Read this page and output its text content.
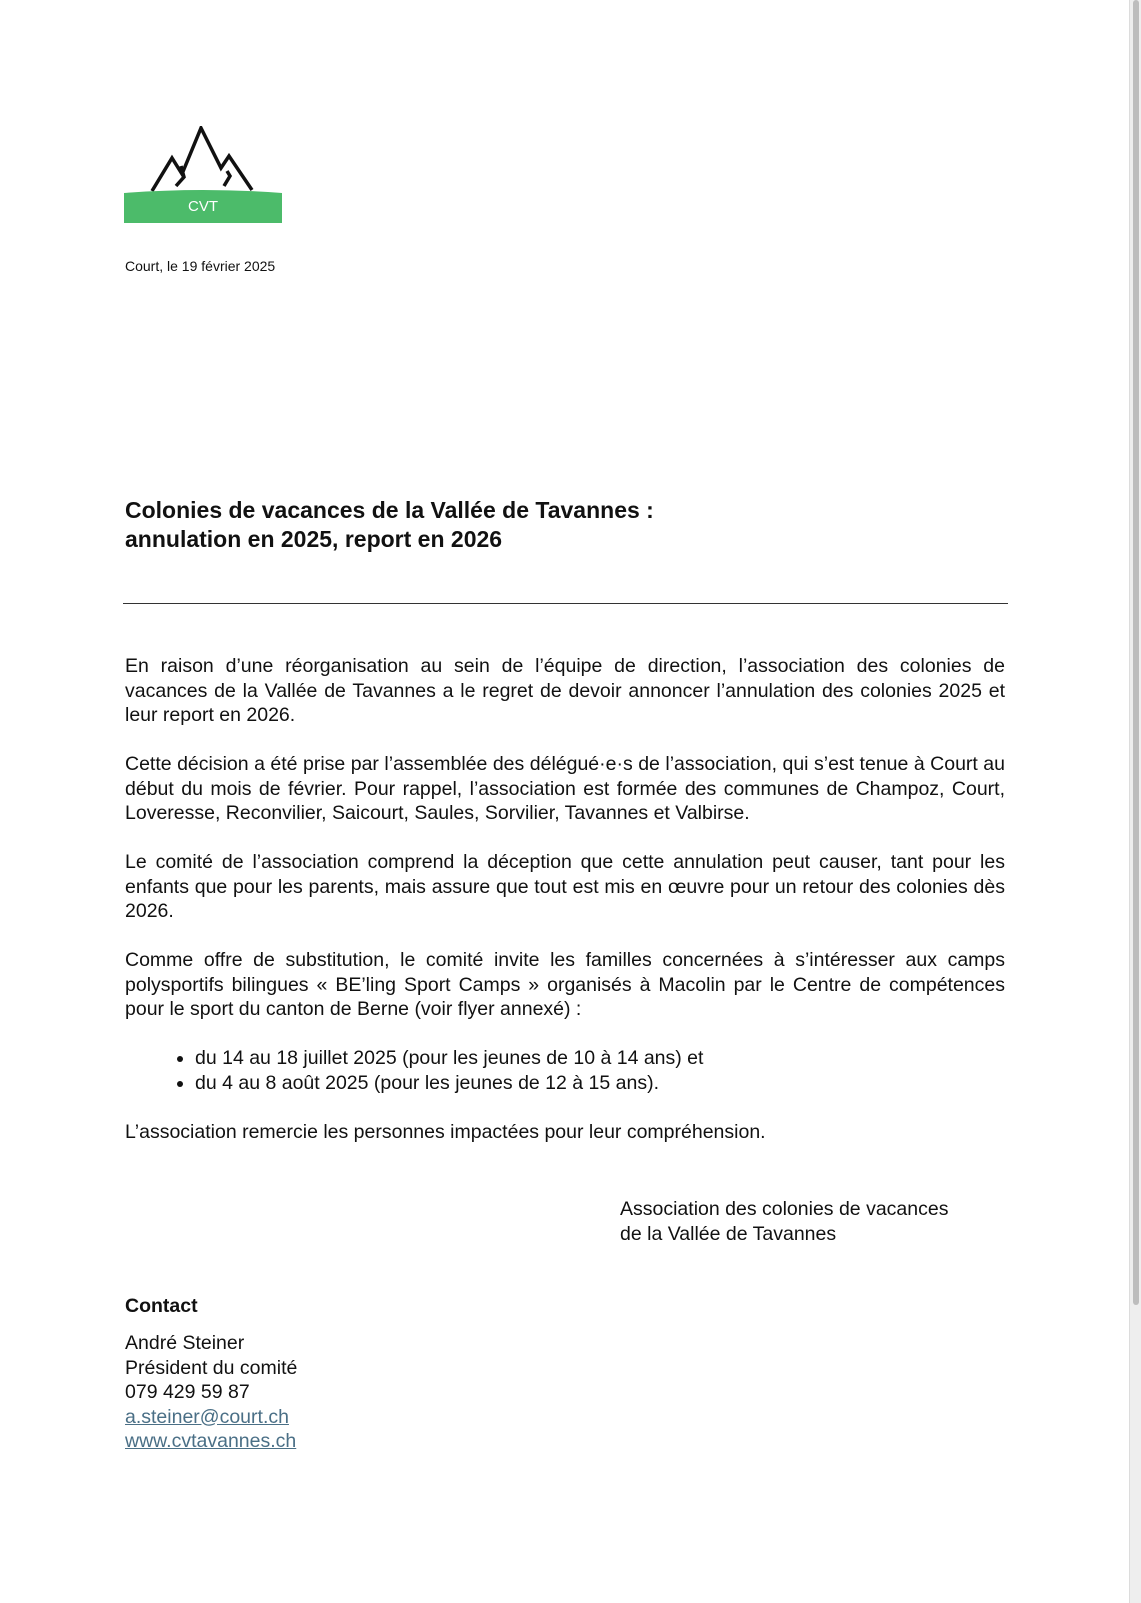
CVT
Court, le 19 février 2025
Colonies de vacances de la Vallée de Tavannes :
annulation en 2025, report en 2026

En raison d’une réorganisation au sein de l’équipe de direction, l’association des colonies de vacances de la Vallée de Tavannes a le regret de devoir annoncer l’annulation des colonies 2025 et leur report en 2026.

Cette décision a été prise par l’assemblée des délégué·e·s de l’association, qui s’est tenue à Court au début du mois de février. Pour rappel, l’association est formée des communes de Champoz, Court, Loveresse, Reconvilier, Saicourt, Saules, Sorvilier, Tavannes et Valbirse.

Le comité de l’association comprend la déception que cette annulation peut causer, tant pour les enfants que pour les parents, mais assure que tout est mis en œuvre pour un retour des colonies dès 2026.

Comme offre de substitution, le comité invite les familles concernées à s’intéresser aux camps polysportifs bilingues « BE’ling Sport Camps » organisés à Macolin par le Centre de compétences pour le sport du canton de Berne (voir flyer annexé) :

• du 14 au 18 juillet 2025 (pour les jeunes de 10 à 14 ans) et
• du 4 au 8 août 2025 (pour les jeunes de 12 à 15 ans).

L’association remercie les personnes impactées pour leur compréhension.

Association des colonies de vacances
de la Vallée de Tavannes
Contact
André Steiner
Président du comité
079 429 59 87
a.steiner@court.ch
www.cvtavannes.ch
